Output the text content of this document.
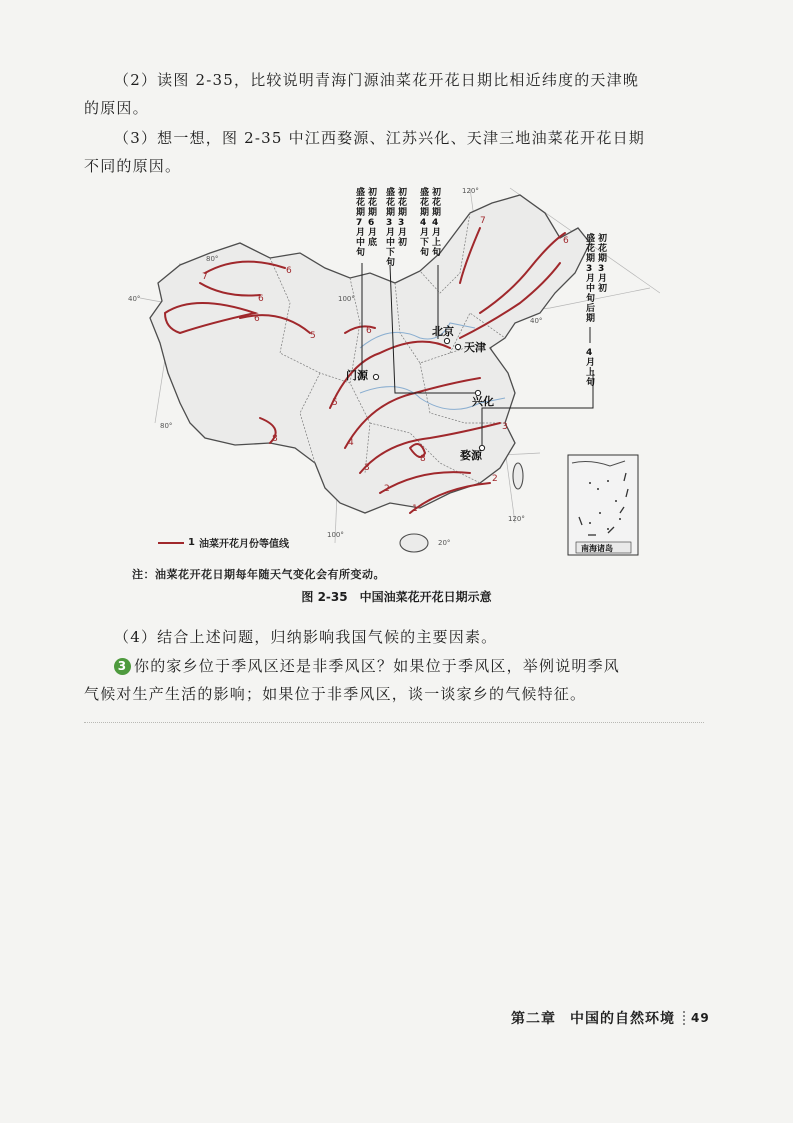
（2）读图 2-35，比较说明青海门源油菜花开花日期比相近纬度的天津晚
的原因。
（3）想一想，图 2-35 中江西婺源、江苏兴化、天津三地油菜花开花日期
不同的原因。
6
7
6
6
8
5
6
4
3
2
1
6
7
8
5
2
3
80°
80°
100°
100°
120°
120°
40°
40°
20°
北京
天津
门源
兴化
婺源
初
花
期
6
月
底
盛
花
期
7
月
中
旬
初
花
期
3
月
初
盛
花
期
3
月
中
下
旬
初
花
期
4
月
上
旬
盛
花
期
4
月
下
旬
初
花
期
3
月
初
盛
花
期
3
月
中
旬
后
期
4
月
上
旬
南海诸岛
1 油菜开花月份等值线
注：油菜花开花日期每年随天气变化会有所变动。
图 2-35　中国油菜花开花日期示意
（4）结合上述问题，归纳影响我国气候的主要因素。
3 你的家乡位于季风区还是非季风区？如果位于季风区，举例说明季风
气候对生产生活的影响；如果位于非季风区，谈一谈家乡的气候特征。
第二章 中国的自然环境	49
